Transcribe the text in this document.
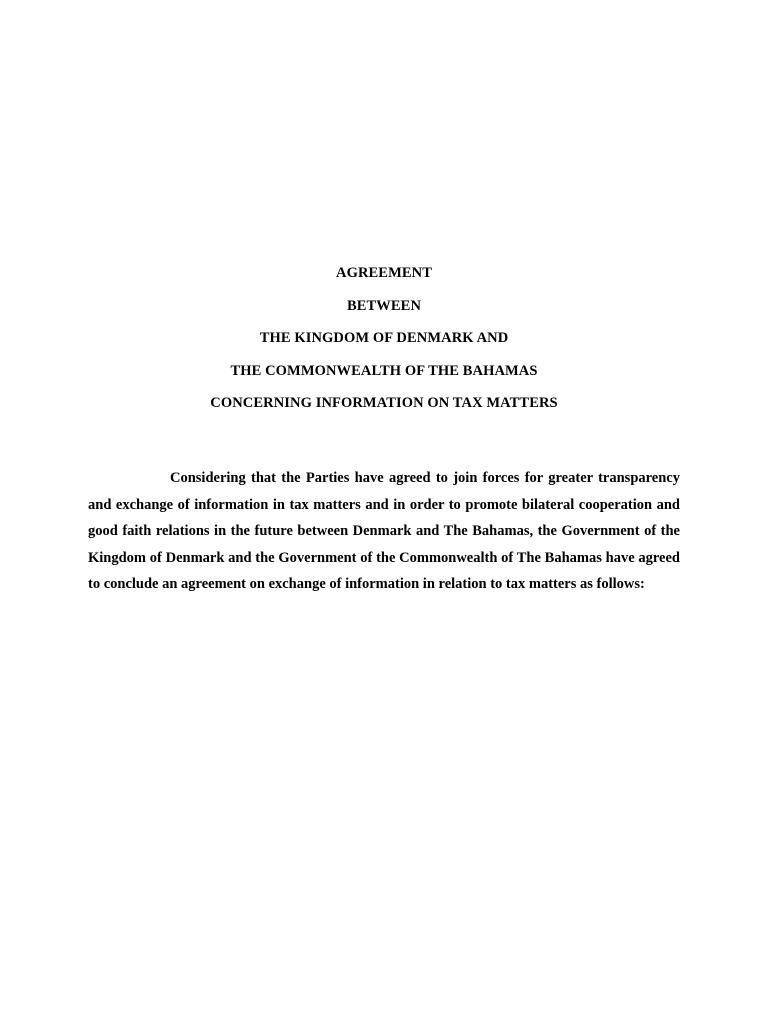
AGREEMENT
BETWEEN
THE KINGDOM OF DENMARK AND
THE COMMONWEALTH OF THE BAHAMAS
CONCERNING INFORMATION ON TAX MATTERS

Considering that the Parties have agreed to join forces for greater transparency and exchange of information in tax matters and in order to promote bilateral cooperation and good faith relations in the future between Denmark and The Bahamas, the Government of the Kingdom of Denmark and the Government of the Commonwealth of The Bahamas have agreed to conclude an agreement on exchange of information in relation to tax matters as follows:
